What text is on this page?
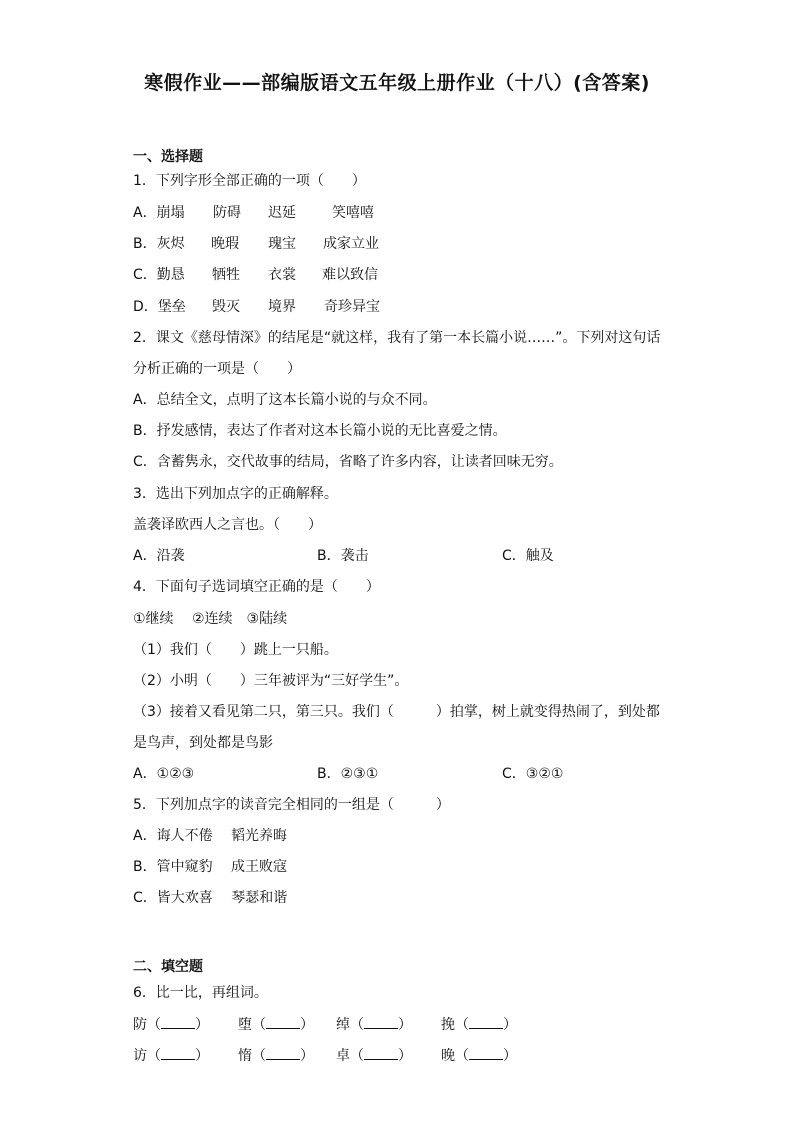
寒假作业——部编版语文五年级上册作业（十八）(含答案)
一、选择题
1．下列字形全部正确的一项（　　）
A．崩塌 防碍 迟延	笑嘻嘻
B．灰烬 晚瑕 瑰宝 成家立业
C．勤恳 牺牲 衣裳 难以致信
D．堡垒 毁灭 境界 奇珍异宝
2．课文《慈母情深》的结尾是“就这样，我有了第一本长篇小说……”。下列对这句话
分析正确的一项是（　　）
A．总结全文，点明了这本长篇小说的与众不同。
B．抒发感情，表达了作者对这本长篇小说的无比喜爱之情。
C．含蓄隽永，交代故事的结局，省略了许多内容，让读者回味无穷。
3．选出下列加点字的正确解释。
盖袭译欧西人之言也。（　　）
A．沿袭	B．袭击	C．触及
4．下面句子选词填空正确的是（　　）
①继续　 ②连续　③陆续
（1）我们（　　）跳上一只船。
（2）小明（　　）三年被评为“三好学生”。
（3）接着又看见第二只，第三只。我们（　　　）拍掌，树上就变得热闹了，到处都
是鸟声，到处都是鸟影
A．①②③	B．②③①	C．③②①
5．下列加点字的读音完全相同的一组是（　　　）
A．诲人不倦　 韬光养晦
B．管中窥豹　 成王败寇
C．皆大欢喜　 琴瑟和谐
二、填空题
6．比一比，再组词。
防（ ） 堕（ ） 绰（ ） 挽（ ）
访（ ） 惰（ ） 卓（ ） 晚（ ）
